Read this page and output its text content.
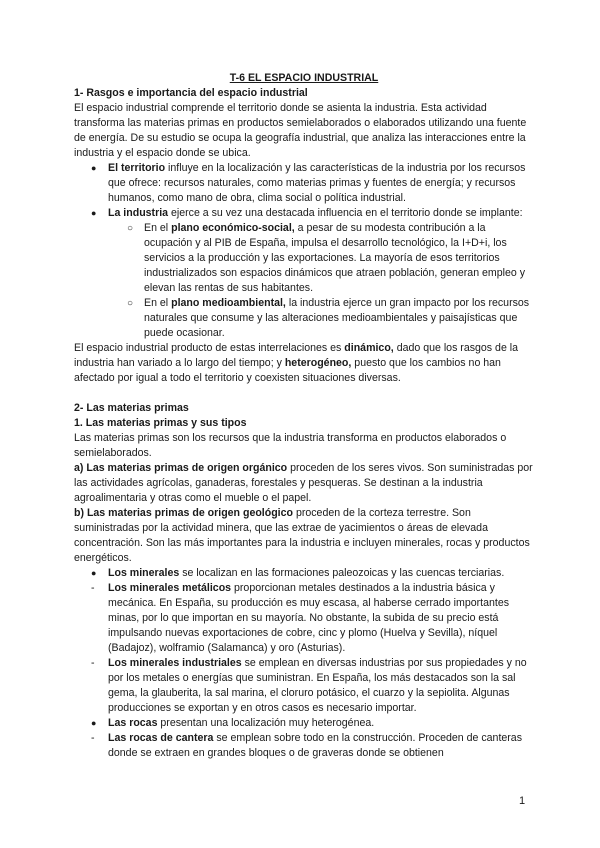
T-6 EL ESPACIO INDUSTRIAL

1- Rasgos e importancia del espacio industrial

El espacio industrial comprende el territorio donde se asienta la industria. Esta actividad transforma las materias primas en productos semielaborados o elaborados utilizando una fuente de energía. De su estudio se ocupa la geografía industrial, que analiza las interacciones entre la industria y el espacio donde se ubica.

● El territorio influye en la localización y las características de la industria por los recursos que ofrece: recursos naturales, como materias primas y fuentes de energía; y recursos humanos, como mano de obra, clima social o política industrial.
● La industria ejerce a su vez una destacada influencia en el territorio donde se implante:
○ En el plano económico-social, a pesar de su modesta contribución a la ocupación y al PIB de España, impulsa el desarrollo tecnológico, la I+D+i, los servicios a la producción y las exportaciones. La mayoría de esos territorios industrializados son espacios dinámicos que atraen población, generan empleo y elevan las rentas de sus habitantes.
○ En el plano medioambiental, la industria ejerce un gran impacto por los recursos naturales que consume y las alteraciones medioambientales y paisajísticas que puede ocasionar.

El espacio industrial producto de estas interrelaciones es dinámico, dado que los rasgos de la industria han variado a lo largo del tiempo; y heterogéneo, puesto que los cambios no han afectado por igual a todo el territorio y coexisten situaciones diversas.

2- Las materias primas

1. Las materias primas y sus tipos

Las materias primas son los recursos que la industria transforma en productos elaborados o semielaborados.

a) Las materias primas de origen orgánico proceden de los seres vivos. Son suministradas por las actividades agrícolas, ganaderas, forestales y pesqueras. Se destinan a la industria agroalimentaria y otras como el mueble o el papel.

b) Las materias primas de origen geológico proceden de la corteza terrestre. Son suministradas por la actividad minera, que las extrae de yacimientos o áreas de elevada concentración. Son las más importantes para la industria e incluyen minerales, rocas y productos energéticos.

● Los minerales se localizan en las formaciones paleozoicas y las cuencas terciarias.
- Los minerales metálicos proporcionan metales destinados a la industria básica y mecánica. En España, su producción es muy escasa, al haberse cerrado importantes minas, por lo que importan en su mayoría. No obstante, la subida de su precio está impulsando nuevas exportaciones de cobre, cinc y plomo (Huelva y Sevilla), níquel (Badajoz), wolframio (Salamanca) y oro (Asturias).
- Los minerales industriales se emplean en diversas industrias por sus propiedades y no por los metales o energías que suministran. En España, los más destacados son la sal gema, la glauberita, la sal marina, el cloruro potásico, el cuarzo y la sepiolita. Algunas producciones se exportan y en otros casos es necesario importar.
● Las rocas presentan una localización muy heterogénea.
- Las rocas de cantera se emplean sobre todo en la construcción. Proceden de canteras donde se extraen en grandes bloques o de graveras donde se obtienen
1
